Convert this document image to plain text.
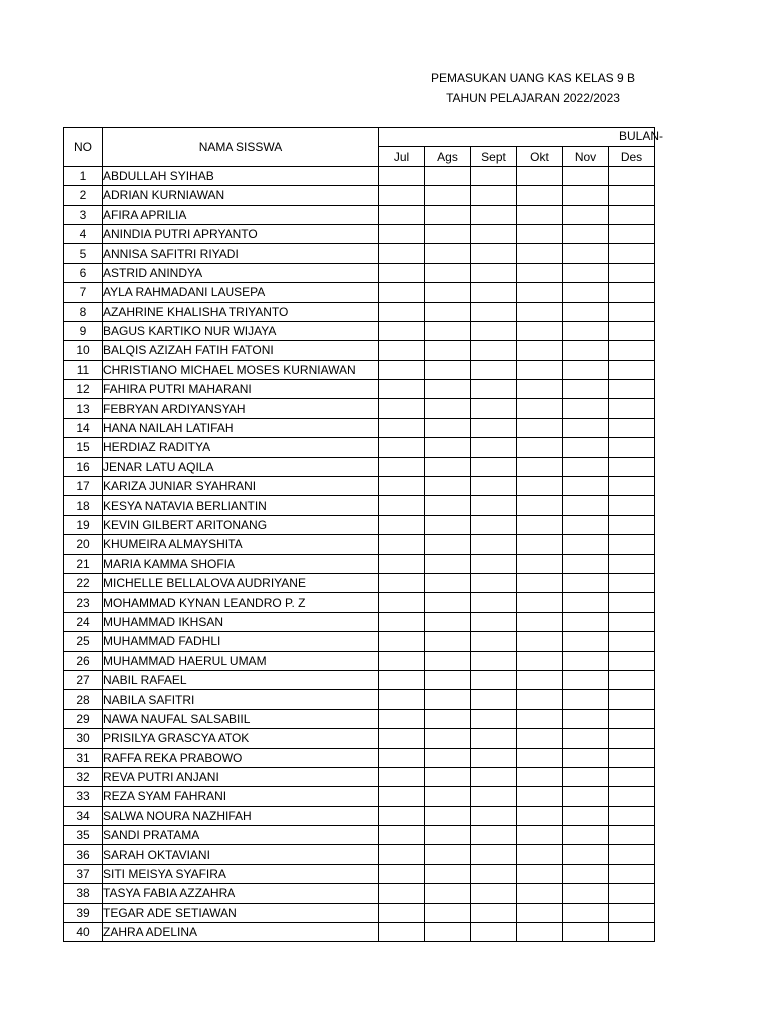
PEMASUKAN UANG KAS KELAS 9 B
TAHUN PELAJARAN 2022/2023
NO	NAMA SISSWA						
		Jul	Ags	Sept	Okt	Nov	Des
1	ABDULLAH SYIHAB						
2	ADRIAN KURNIAWAN						
3	AFIRA APRILIA						
4	ANINDIA PUTRI APRYANTO						
5	ANNISA SAFITRI RIYADI						
6	ASTRID ANINDYA						
7	AYLA RAHMADANI LAUSEPA						
8	AZAHRINE KHALISHA TRIYANTO						
9	BAGUS KARTIKO NUR WIJAYA						
10	BALQIS AZIZAH FATIH FATONI						
11	CHRISTIANO MICHAEL MOSES KURNIAWAN						
12	FAHIRA PUTRI MAHARANI						
13	FEBRYAN ARDIYANSYAH						
14	HANA NAILAH LATIFAH						
15	HERDIAZ RADITYA						
16	JENAR LATU AQILA						
17	KARIZA JUNIAR SYAHRANI						
18	KESYA NATAVIA BERLIANTIN						
19	KEVIN GILBERT ARITONANG						
20	KHUMEIRA ALMAYSHITA						
21	MARIA KAMMA SHOFIA						
22	MICHELLE BELLALOVA AUDRIYANE						
23	MOHAMMAD KYNAN LEANDRO P. Z						
24	MUHAMMAD IKHSAN						
25	MUHAMMAD FADHLI						
26	MUHAMMAD HAERUL UMAM						
27	NABIL RAFAEL						
28	NABILA SAFITRI						
29	NAWA NAUFAL SALSABIIL						
30	PRISILYA GRASCYA ATOK						
31	RAFFA REKA PRABOWO						
32	REVA PUTRI ANJANI						
33	REZA SYAM FAHRANI						
34	SALWA NOURA NAZHIFAH						
35	SANDI PRATAMA						
36	SARAH OKTAVIANI						
37	SITI MEISYA SYAFIRA						
38	TASYA FABIA AZZAHRA						
39	TEGAR ADE SETIAWAN						
40	ZAHRA ADELINA						
BULAN-
